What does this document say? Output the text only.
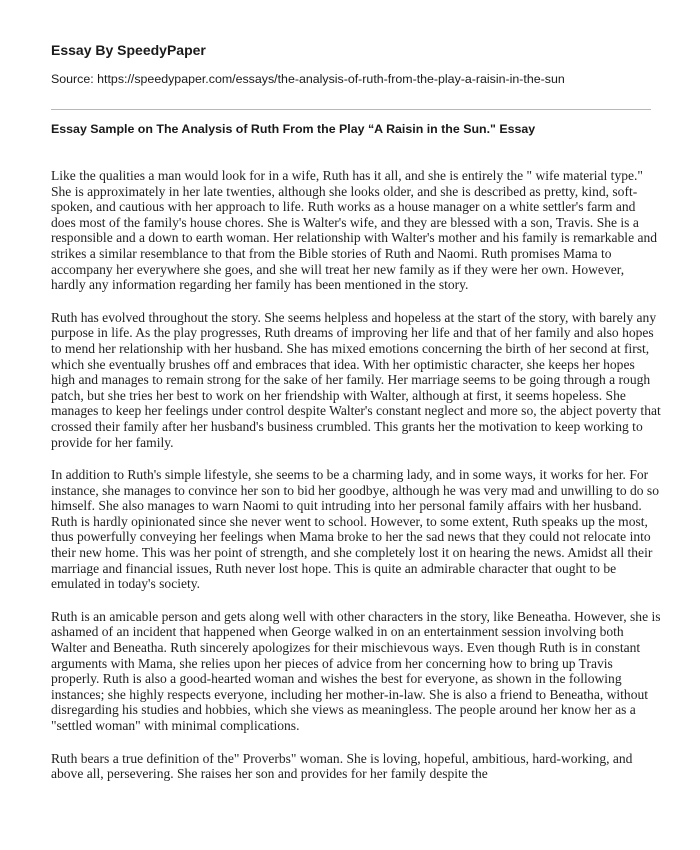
Essay By SpeedyPaper
Source: https://speedypaper.com/essays/the-analysis-of-ruth-from-the-play-a-raisin-in-the-sun
Essay Sample on The Analysis of Ruth From the Play “A Raisin in the Sun." Essay

Like the qualities a man would look for in a wife, Ruth has it all, and she is entirely the " wife material type." She is approximately in her late twenties, although she looks older, and she is described as pretty, kind, soft-spoken, and cautious with her approach to life. Ruth works as a house manager on a white settler's farm and does most of the family's house chores. She is Walter's wife, and they are blessed with a son, Travis. She is a responsible and a down to earth woman. Her relationship with Walter's mother and his family is remarkable and strikes a similar resemblance to that from the Bible stories of Ruth and Naomi. Ruth promises Mama to accompany her everywhere she goes, and she will treat her new family as if they were her own. However, hardly any information regarding her family has been mentioned in the story.

Ruth has evolved throughout the story. She seems helpless and hopeless at the start of the story, with barely any purpose in life. As the play progresses, Ruth dreams of improving her life and that of her family and also hopes to mend her relationship with her husband. She has mixed emotions concerning the birth of her second at first, which she eventually brushes off and embraces that idea. With her optimistic character, she keeps her hopes high and manages to remain strong for the sake of her family. Her marriage seems to be going through a rough patch, but she tries her best to work on her friendship with Walter, although at first, it seems hopeless. She manages to keep her feelings under control despite Walter's constant neglect and more so, the abject poverty that crossed their family after her husband's business crumbled. This grants her the motivation to keep working to provide for her family.

In addition to Ruth's simple lifestyle, she seems to be a charming lady, and in some ways, it works for her. For instance, she manages to convince her son to bid her goodbye, although he was very mad and unwilling to do so himself. She also manages to warn Naomi to quit intruding into her personal family affairs with her husband. Ruth is hardly opinionated since she never went to school. However, to some extent, Ruth speaks up the most, thus powerfully conveying her feelings when Mama broke to her the sad news that they could not relocate into their new home. This was her point of strength, and she completely lost it on hearing the news. Amidst all their marriage and financial issues, Ruth never lost hope. This is quite an admirable character that ought to be emulated in today's society.

Ruth is an amicable person and gets along well with other characters in the story, like Beneatha. However, she is ashamed of an incident that happened when George walked in on an entertainment session involving both Walter and Beneatha. Ruth sincerely apologizes for their mischievous ways. Even though Ruth is in constant arguments with Mama, she relies upon her pieces of advice from her concerning how to bring up Travis properly. Ruth is also a good-hearted woman and wishes the best for everyone, as shown in the following instances; she highly respects everyone, including her mother-in-law. She is also a friend to Beneatha, without disregarding his studies and hobbies, which she views as meaningless. The people around her know her as a "settled woman" with minimal complications.

Ruth bears a true definition of the" Proverbs" woman. She is loving, hopeful, ambitious, hard-working, and above all, persevering. She raises her son and provides for her family despite the
